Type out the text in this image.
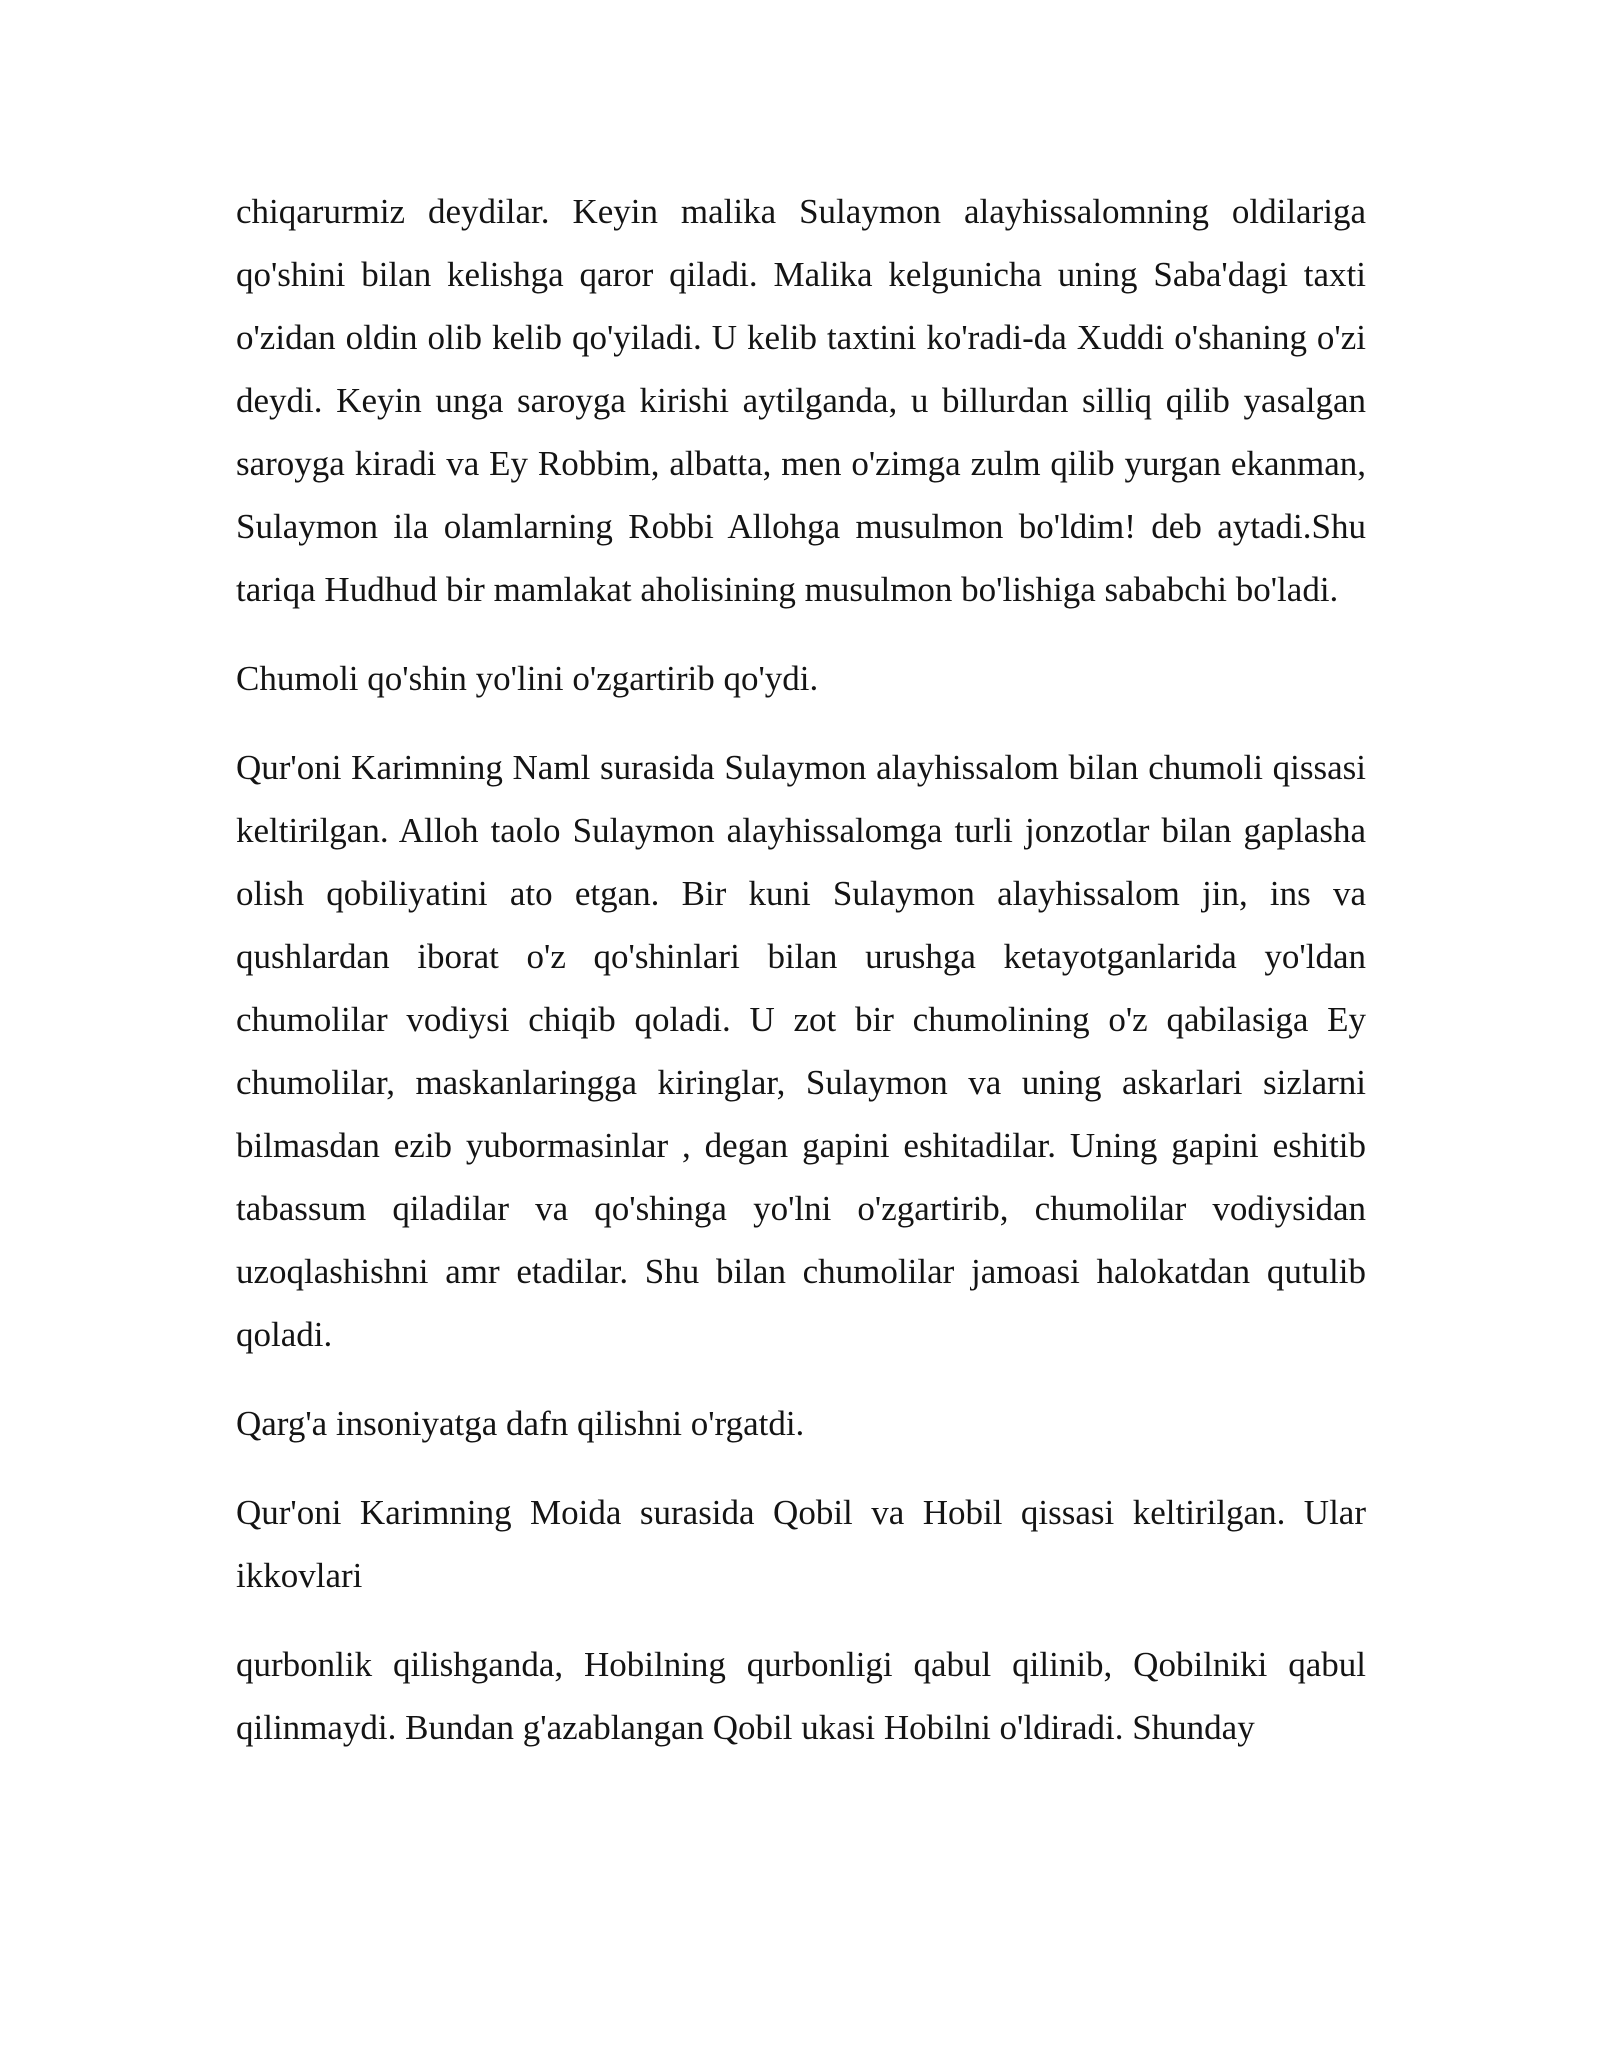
chiqarurmiz deydilar. Keyin malika Sulaymon alayhissalomning oldilariga qo'shini bilan kelishga qaror qiladi. Malika kelgunicha uning Saba'dagi taxti o'zidan oldin olib kelib qo'yiladi. U kelib taxtini ko'radi-da Xuddi o'shaning o'zi deydi. Keyin unga saroyga kirishi aytilganda, u billurdan silliq qilib yasalgan saroyga kiradi va Ey Robbim, albatta, men o'zimga zulm qilib yurgan ekanman, Sulaymon ila olamlarning Robbi Allohga musulmon bo'ldim! deb aytadi.Shu tariqa Hudhud bir mamlakat aholisining musulmon bo'lishiga sababchi bo'ladi.

Chumoli qo'shin yo'lini o'zgartirib qo'ydi.

Qur'oni Karimning Naml surasida Sulaymon alayhissalom bilan chumoli qissasi keltirilgan. Alloh taolo Sulaymon alayhissalomga turli jonzotlar bilan gaplasha olish qobiliyatini ato etgan. Bir kuni Sulaymon alayhissalom jin, ins va qushlardan iborat o'z qo'shinlari bilan urushga ketayotganlarida yo'ldan chumolilar vodiysi chiqib qoladi. U zot bir chumolining o'z qabilasiga Ey chumolilar, maskanlaringga kiringlar, Sulaymon va uning askarlari sizlarni bilmasdan ezib yubormasinlar , degan gapini eshitadilar. Uning gapini eshitib tabassum qiladilar va qo'shinga yo'lni o'zgartirib, chumolilar vodiysidan uzoqlashishni amr etadilar. Shu bilan chumolilar jamoasi halokatdan qutulib qoladi.

Qarg'a insoniyatga dafn qilishni o'rgatdi.

Qur'oni Karimning Moida surasida Qobil va Hobil qissasi keltirilgan. Ular ikkovlari

qurbonlik qilishganda, Hobilning qurbonligi qabul qilinib, Qobilniki qabul qilinmaydi. Bundan g'azablangan Qobil ukasi Hobilni o'ldiradi. Shunday
